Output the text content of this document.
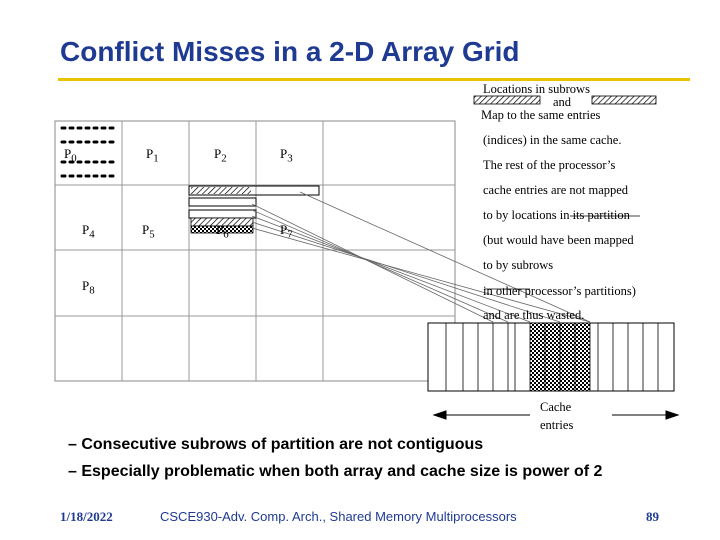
Conflict Misses in a 2-D Array Grid
$P_0$	$P_1$	$P_2$	$P_3$
$P_4$	$P_5$	$P_6$	$P_7$
$P_8$
Locations in subrows
and
Map to the same entries
(indices) in the same cache.
The rest of the processor’s
cache entries are not mapped
to by locations in its partition
(but would have been mapped
to by subrows
in other processor’s partitions)
and are thus wasted.
Cache
entries
– Consecutive subrows of partition are not contiguous
– Especially problematic when both array and cache size is power of 2
1/18/2022	CSCE930-Adv. Comp. Arch., Shared Memory Multiprocessors	89
